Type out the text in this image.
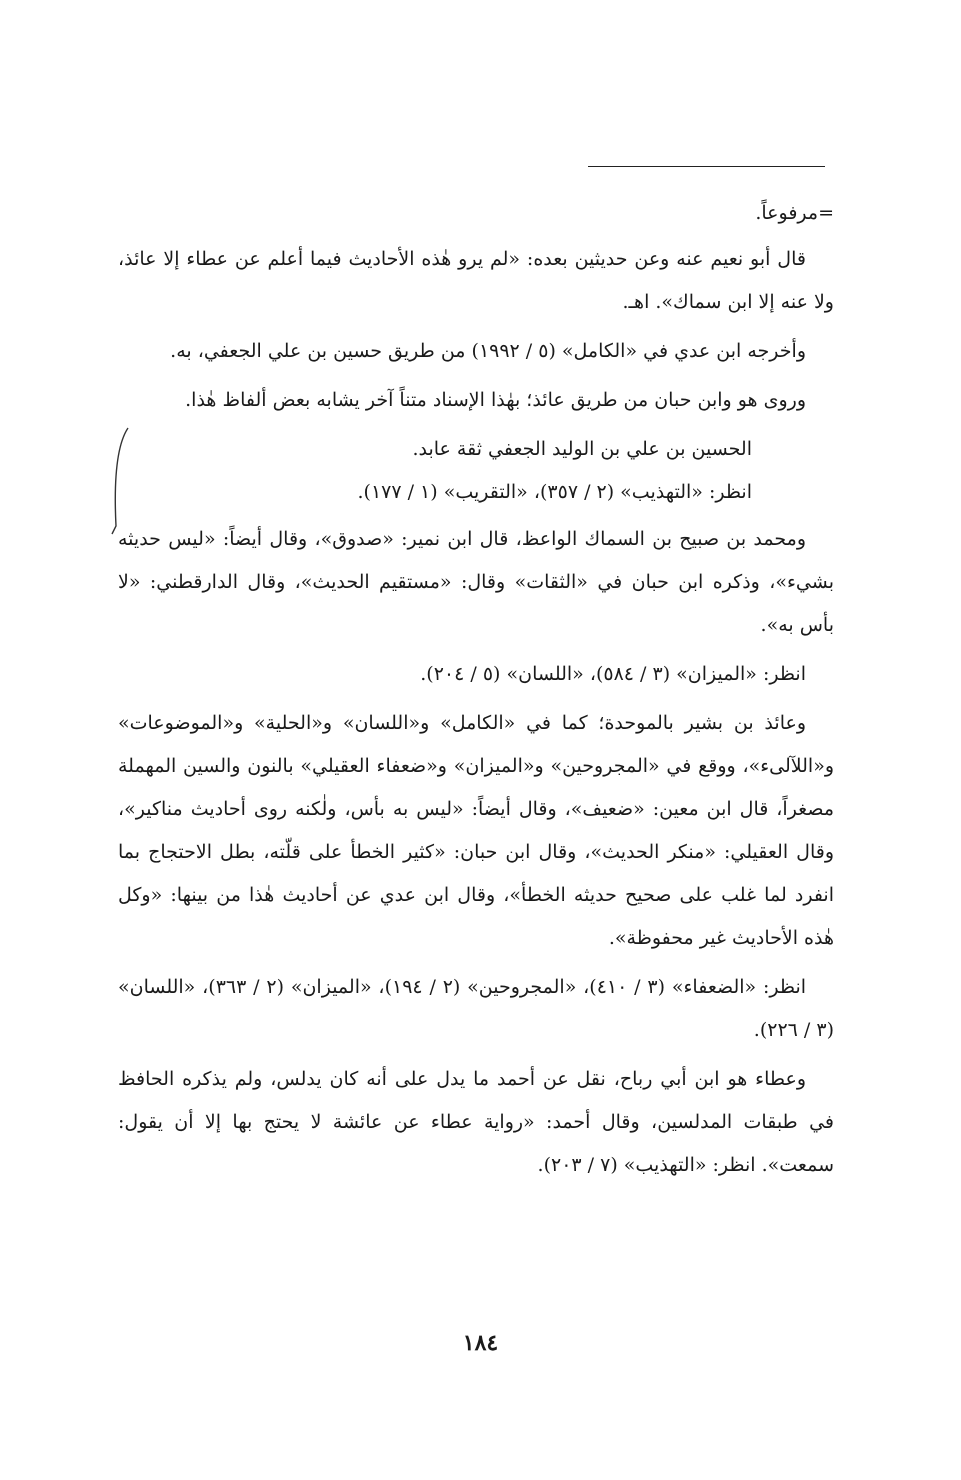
=مرفوعاً.

قال أبو نعيم عنه وعن حديثين بعده: «لم يرو هٰذه الأحاديث فيما أعلم عن عطاء إلا عائذ، ولا عنه إلا ابن سماك». اهـ.

وأخرجه ابن عدي في «الكامل» (٥ / ١٩٩٢) من طريق حسين بن علي الجعفي، به.

وروى هو وابن حبان من طريق عائذ؛ بهٰذا الإسناد متناً آخر يشابه بعض ألفاظ هٰذا.

الحسين بن علي بن الوليد الجعفي ثقة عابد.

انظر: «التهذيب» (٢ / ٣٥٧)، «التقريب» (١ / ١٧٧).

ومحمد بن صبيح بن السماك الواعظ، قال ابن نمير: «صدوق»، وقال أيضاً: «ليس حديثه بشيء»، وذكره ابن حبان في «الثقات» وقال: «مستقيم الحديث»، وقال الدارقطني: «لا بأس به».

انظر: «الميزان» (٣ / ٥٨٤)، «اللسان» (٥ / ٢٠٤).

وعائذ بن بشير بالموحدة؛ كما في «الكامل» و«اللسان» و«الحلية» و«الموضوعات» و«اللآلىء»، ووقع في «المجروحين» و«الميزان» و«ضعفاء العقيلي» بالنون والسين المهملة مصغراً، قال ابن معين: «ضعيف»، وقال أيضاً: «ليس به بأس، ولٰكنه روى أحاديث مناكير»، وقال العقيلي: «منكر الحديث»، وقال ابن حبان: «كثير الخطأ على قلّته، بطل الاحتجاج بما انفرد لما غلب على صحيح حديثه الخطأ»، وقال ابن عدي عن أحاديث هٰذا من بينها: «وكل هٰذه الأحاديث غير محفوظة».

انظر: «الضعفاء» (٣ / ٤١٠)، «المجروحين» (٢ / ١٩٤)، «الميزان» (٢ / ٣٦٣)، «اللسان» (٣ / ٢٢٦).

وعطاء هو ابن أبي رباح، نقل عن أحمد ما يدل على أنه كان يدلس، ولم يذكره الحافظ في طبقات المدلسين، وقال أحمد: «رواية عطاء عن عائشة لا يحتج بها إلا أن يقول: سمعت». انظر: «التهذيب» (٧ / ٢٠٣).

١٨٤
